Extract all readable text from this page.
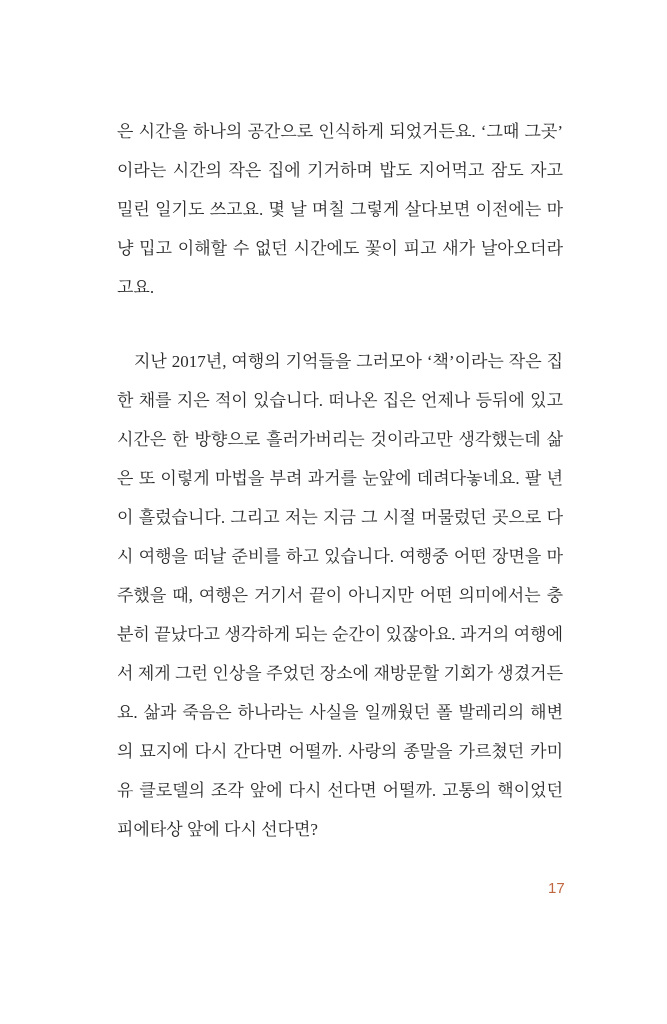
은 시간을 하나의 공간으로 인식하게 되었거든요. ‘그때 그곳’
이라는 시간의 작은 집에 기거하며 밥도 지어먹고 잠도 자고
밀린 일기도 쓰고요. 몇 날 며칠 그렇게 살다보면 이전에는 마
냥 밉고 이해할 수 없던 시간에도 꽃이 피고 새가 날아오더라
고요.
지난 2017년, 여행의 기억들을 그러모아 ‘책’이라는 작은 집
한 채를 지은 적이 있습니다. 떠나온 집은 언제나 등뒤에 있고
시간은 한 방향으로 흘러가버리는 것이라고만 생각했는데 삶
은 또 이렇게 마법을 부려 과거를 눈앞에 데려다놓네요. 팔 년
이 흘렀습니다. 그리고 저는 지금 그 시절 머물렀던 곳으로 다
시 여행을 떠날 준비를 하고 있습니다. 여행중 어떤 장면을 마
주했을 때, 여행은 거기서 끝이 아니지만 어떤 의미에서는 충
분히 끝났다고 생각하게 되는 순간이 있잖아요. 과거의 여행에
서 제게 그런 인상을 주었던 장소에 재방문할 기회가 생겼거든
요. 삶과 죽음은 하나라는 사실을 일깨웠던 폴 발레리의 해변
의 묘지에 다시 간다면 어떨까. 사랑의 종말을 가르쳤던 카미
유 클로델의 조각 앞에 다시 선다면 어떨까. 고통의 핵이었던
피에타상 앞에 다시 선다면?
17
